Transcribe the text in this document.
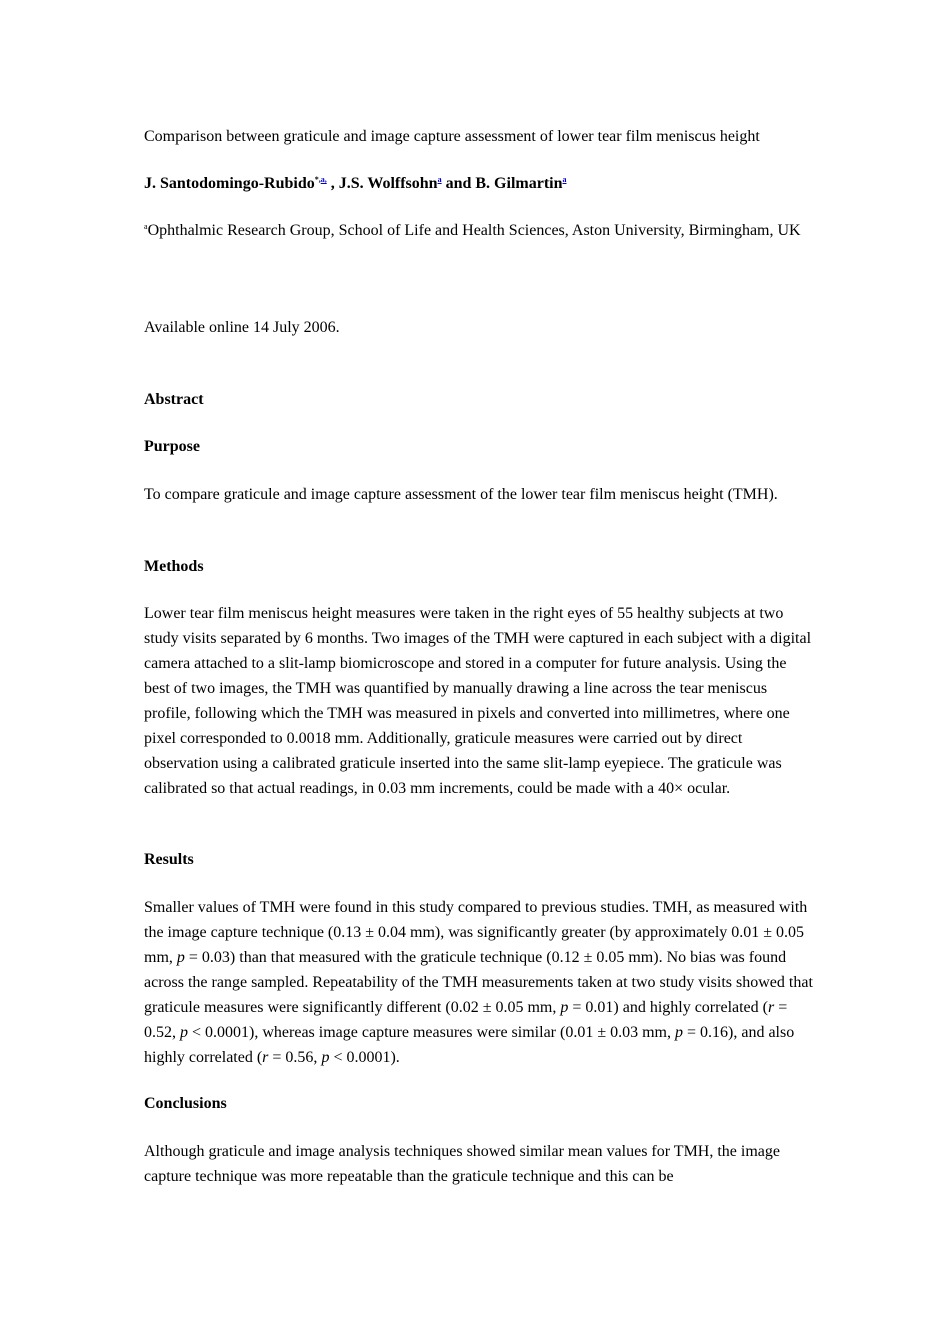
Comparison between graticule and image capture assessment of lower tear film meniscus height

J. Santodomingo-Rubido$^{*,a,}$ , J.S. Wolffsohn$^a$ and B. Gilmartin$^a$

$^a$Ophthalmic Research Group, School of Life and Health Sciences, Aston University, Birmingham, UK

Available online 14 July 2006.

Abstract

Purpose

To compare graticule and image capture assessment of the lower tear film meniscus height (TMH).

Methods

Lower tear film meniscus height measures were taken in the right eyes of 55 healthy subjects at two study visits separated by 6 months. Two images of the TMH were captured in each subject with a digital camera attached to a slit-lamp biomicroscope and stored in a computer for future analysis. Using the best of two images, the TMH was quantified by manually drawing a line across the tear meniscus profile, following which the TMH was measured in pixels and converted into millimetres, where one pixel corresponded to 0.0018 mm. Additionally, graticule measures were carried out by direct observation using a calibrated graticule inserted into the same slit-lamp eyepiece. The graticule was calibrated so that actual readings, in 0.03 mm increments, could be made with a 40× ocular.

Results

Smaller values of TMH were found in this study compared to previous studies. TMH, as measured with the image capture technique (0.13 ± 0.04 mm), was significantly greater (by approximately 0.01 ± 0.05 mm, p = 0.03) than that measured with the graticule technique (0.12 ± 0.05 mm). No bias was found across the range sampled. Repeatability of the TMH measurements taken at two study visits showed that graticule measures were significantly different (0.02 ± 0.05 mm, p = 0.01) and highly correlated (r = 0.52, p < 0.0001), whereas image capture measures were similar (0.01 ± 0.03 mm, p = 0.16), and also highly correlated (r = 0.56, p < 0.0001).

Conclusions

Although graticule and image analysis techniques showed similar mean values for TMH, the image capture technique was more repeatable than the graticule technique and this can be
